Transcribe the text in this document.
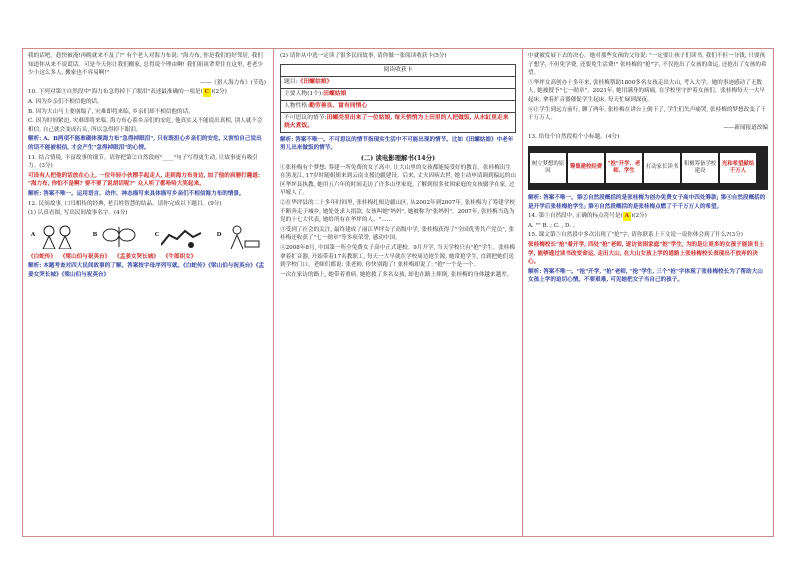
我的话吧。趁快被淹!再晚就来不及了!" 有个老人对海力布说: "海力布, 你是我们的好邻居, 我们知道你从来不说谎话。可是今天你让我们搬家, 总得说个理由啊! 我们祖祖辈辈住在这里, 老老少少小这么多人, 搬家也不容易啊!"

——《猎人海力布》(节选)

10. 下列对第③自然段中"海力布急得掉下了眼泪"表述最准确的一项是( C )(2分)

A. 因为乡亲们不相信他的话。

B. 因为大山马上要崩塌了, 灾难即将来临, 乡亲们却不相信他的话。

C. 因为时间紧迫, 灾难即将来临, 海力布心系乡亲们的安危, 他真实又不能说出真相, 别人就不会相信, 自己就会变成石头, 所以急得掉下眼泪。

解析: A、B两项不能准确体现海力布"急得掉眼泪", 只有既担心乡亲们的安危, 又害怕自己说出的话不能被相信, 才会产生"急得掉眼泪"的心情。

11. 结合情境, 丰富故事的细节。请你把第②自然段画"____"句子写得更生动, 让故事更有吸引力。(3分)

可设有人把他的话放在心上, 一位年轻小伙摆手起走人, 走到海力布身边, 加了他的肩膀打趣道: "海力布, 你怕不是啊? 要不要了说胡话呢?" 众人听了都哈哈大笑起来。

解析: 答案不唯一。运用语言、动作、神态描写来具体描写乡亲们不相信海力布的情景。

12. 民间故事, 口耳相传的经典, 老百姓智慧的结晶。请你完成以下题目。(9分)

(1) 认真看图, 写出民间故事名字。(4分)

A	B	C	D

《白蛇传》 《梁山伯与祝英台》 《孟姜女哭长城》 《牛郎织女》

解析: 本题考查对四大民间故事的了解。答案按字母序列写就。《白蛇传》《梁山伯与祝英台》《孟姜女哭长城》《梁山伯与祝英台》

(2) 请你从中选一定读了很多民间故事, 请你做一张阅读收获卡(5分)

阅读收获卡
题目:《田螺姑娘》
主要人物(1个):田螺姑娘
人物性格:勤劳善良、富有同情心
不可思议的情节:田螺壳里出来了一位姑娘, 每天悄悄为上田里的人把做饭, 从水缸里走来烧火煮饭。

解析: 答案不唯一。不可思议的情节指现实生活中不可能出现的情节。比如《田螺姑娘》中老年男儿出来做饭的情节。

(二) 读电影理解书(14分)

①张桂梅有个梦想: 筹建一所免费的女子高中, 让大山里的女孩都能接受好的教育。张桂梅出生在黑龙江, 17岁时随姐姐来到云南支援边疆建设。后来, 丈夫因病去世, 她主动申请调到偏远的山区华坪县执教, 她用五六年的时间走访了许多山里家庭, 了解到很多贫困家庭的女孩辍学在家, 过早嫁人了。

②在华坪县的二十多年时间里, 张桂梅扎根边疆山区, 从2002年到2007年, 张桂梅为了筹建学校不断奔走于城乡, 她处处求人捐款, 女孩叫她"妈妈", 她被称为"张妈妈"。2007年, 张桂梅当选为党的十七大代表, 她给所有在华坪的人。"……

③受到了社会的关注, 最终建成了丽江华坪女子高级中学, 张桂梅获得了"全国优秀共产党员", 张桂梅还收获了"七一勋章"等多项荣誉, 感动中国。

④2008年8月, 中国第一所全免费女子高中正式建校。9月开学, 当天学校只有"抢"学生。张桂梅拿着扩音器, 开始带着17名教职工, 每天一大早就在学校周边抢生源, 她常抢学生, 直到把她们送到学校门口。老师们都说: 张老师, 你快别跑了! 张桂梅却说了: "抢"一个是一个。

一次在家访的路上, 她带着重病, 她抢救了多名女孩, 却也在路上摔倒, 张桂梅的身体越来越差。

中就被发展下去的决心。她对那些女孩的父母说: "一定要让孩子们读书, 我们不但一分钱, 只要孩子想学, 不但免学费, 还要免生活费!" 张桂梅的"抢"字, 不仅抢出了女孩的命运, 还抢出了女孩的希望。

⑤华坪女高创办十多年来, 张桂梅帮助1800多名女孩走出大山, 考入大学。她的事迹感动了无数人, 她被授予"七一勋章"。2021年, 她用满身的病痛, 在学校里守护着女孩们。张桂梅每天一大早起床, 拿着扩音器催促学生起床, 每天忙碌到深夜。

⑥让学生到远方前行, 聊了两年, 张桂梅在讲台上倒下了, 学生们失声痛哭, 张桂梅的梦想改变了千千万万人。

——新闻报道改编

13. 给每个自然段拟个小标题。(4分)

树立梦想的原因
筹集建校经费
"抢"开学、老师、学生
打动家长读书
积极筹备学校建设
光和希望献给千万人

解析: 答案不唯一。第②自然段概括的是张桂梅为创办免费女子高中四处筹款; 第④自然段概括的是开学后张桂梅抢学生; 第⑥自然段概括的是张桂梅点燃了千千万万人的希望。

14. 第⑤自然段中, 正确的标点符号是( A )(2分)

A. "" B. ; C. , D. 。

15. 课文第⑤自然段中多次出现了"抢"字, 请你联系上下文说一说你体会到了什么?(3分)

张桂梅校长"抢"着开学, 四处"抢"老师, 逐访贫困家庭"抢"学生, 为的是让更多的女孩子能读书上学, 能够通过读书改变命运, 走出大山, 在大山女孩上学的道路上张桂梅校长表现出不放弃的决心。

解析: 答案不唯一。"抢"开学, "抢"老师, "抢"学生, 三个"抢"字体现了张桂梅校长为了帮助大山女孩上学的迫切心情。不要艰难, 可见她把女子当自己的孩子。
